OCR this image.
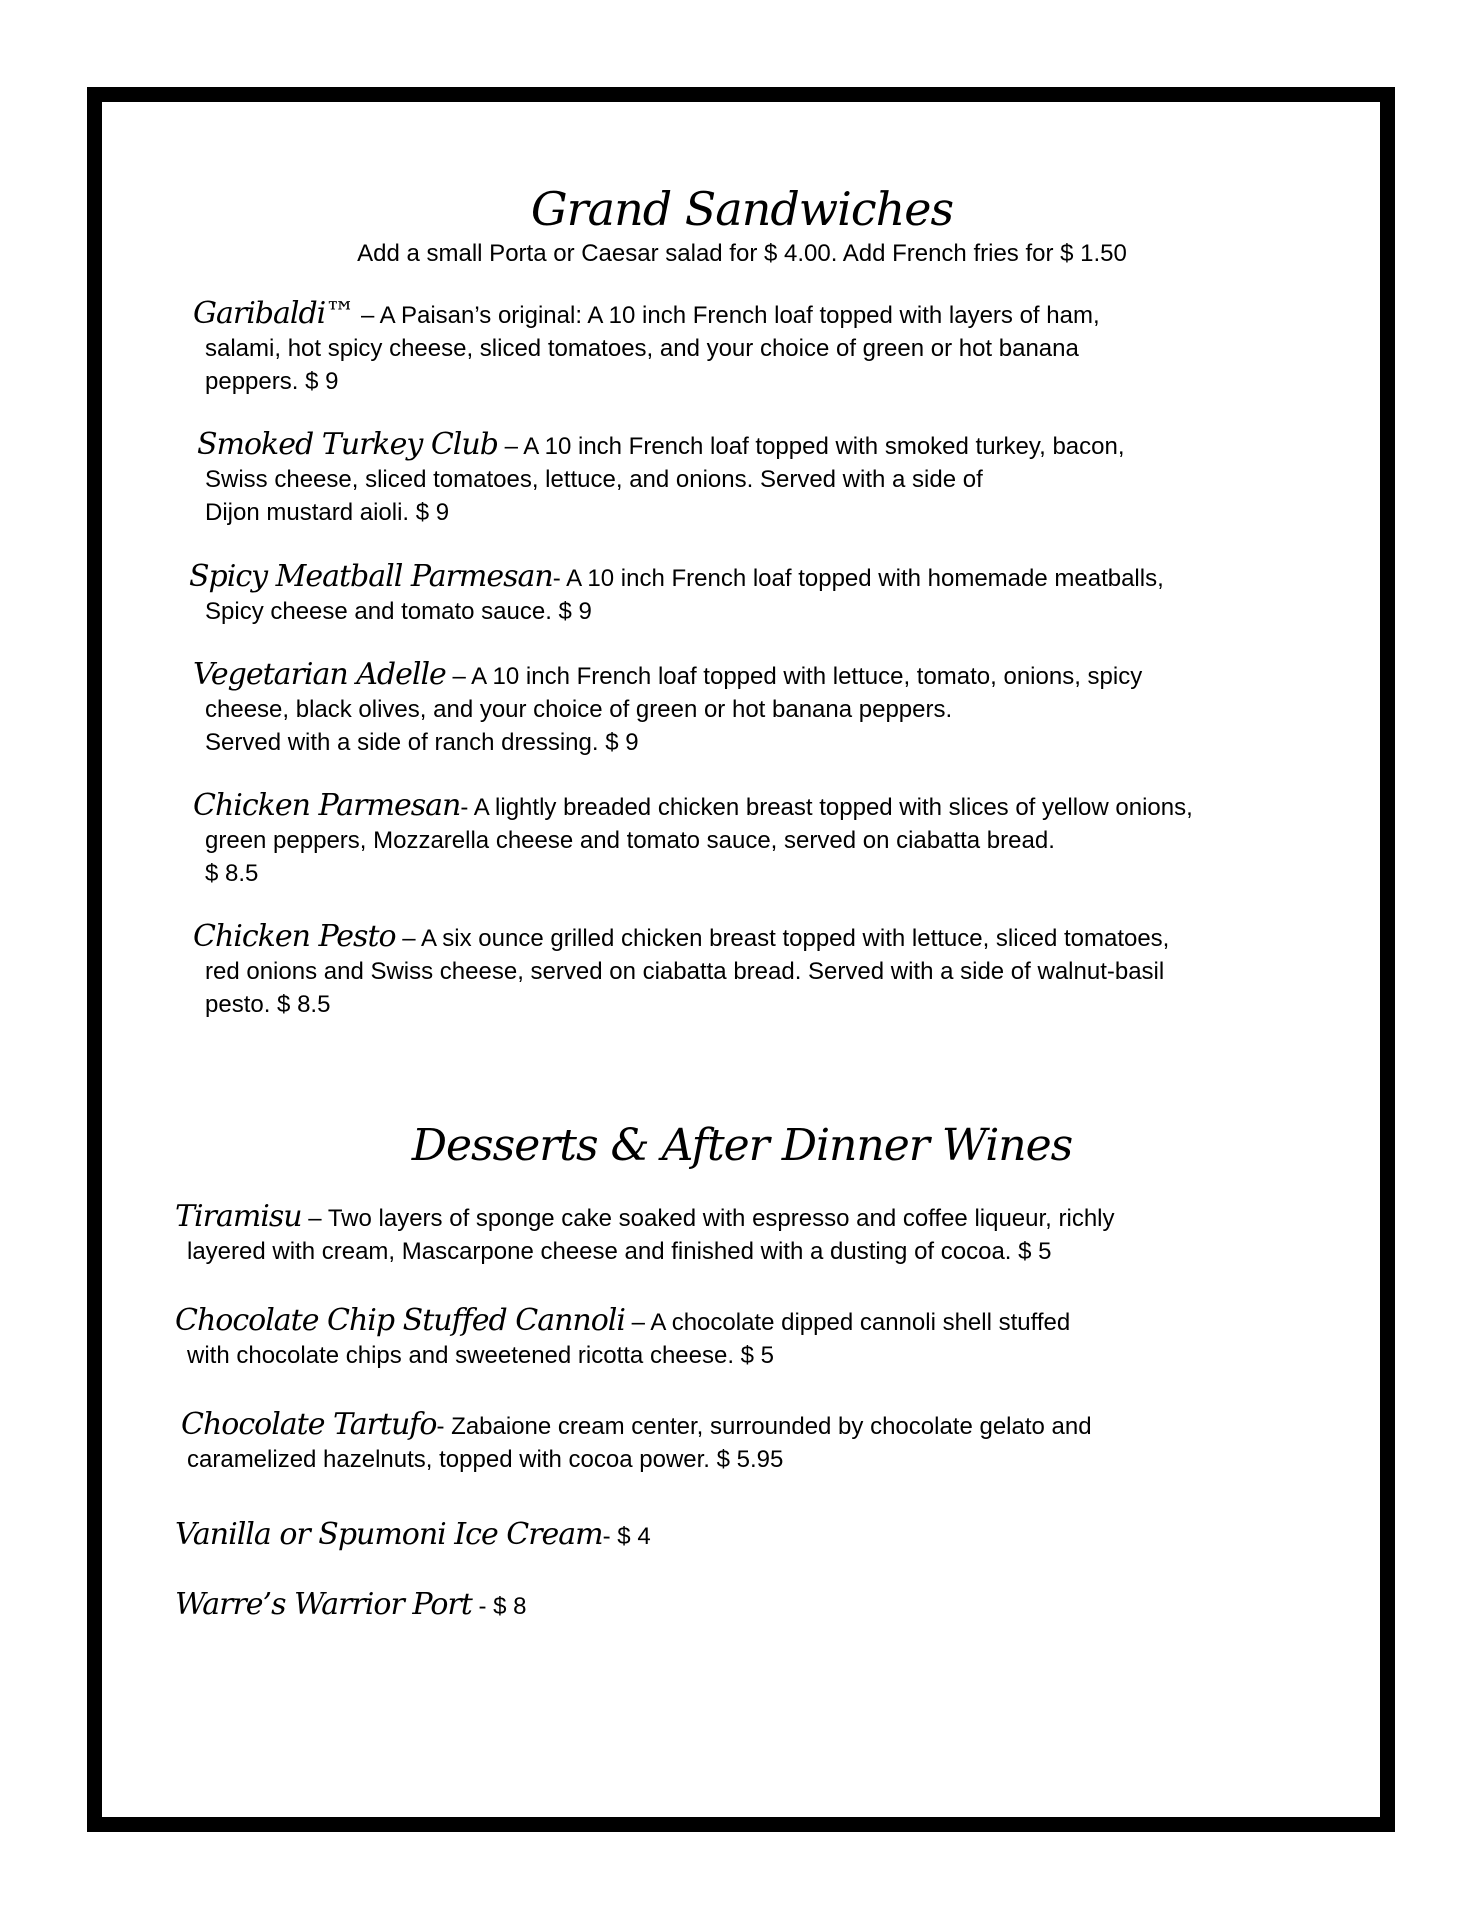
Grand Sandwiches
Add a small Porta or Caesar salad for $ 4.00. Add French fries for $ 1.50

Garibaldi™ – A Paisan’s original: A 10 inch French loaf topped with layers of ham,

salami, hot spicy cheese, sliced tomatoes, and your choice of green or hot banana

peppers. $ 9

Smoked Turkey Club – A 10 inch French loaf topped with smoked turkey, bacon,

Swiss cheese, sliced tomatoes, lettuce, and onions. Served with a side of

Dijon mustard aioli. $ 9

Spicy Meatball Parmesan- A 10 inch French loaf topped with homemade meatballs,

Spicy cheese and tomato sauce. $ 9

Vegetarian Adelle – A 10 inch French loaf topped with lettuce, tomato, onions, spicy

cheese, black olives, and your choice of green or hot banana peppers.

Served with a side of ranch dressing. $ 9

Chicken Parmesan- A lightly breaded chicken breast topped with slices of yellow onions,

green peppers, Mozzarella cheese and tomato sauce, served on ciabatta bread.

$ 8.5

Chicken Pesto – A six ounce grilled chicken breast topped with lettuce, sliced tomatoes,

red onions and Swiss cheese, served on ciabatta bread. Served with a side of walnut-basil

pesto. $ 8.5

Desserts & After Dinner Wines

Tiramisu – Two layers of sponge cake soaked with espresso and coffee liqueur, richly

layered with cream, Mascarpone cheese and finished with a dusting of cocoa. $ 5

Chocolate Chip Stuffed Cannoli – A chocolate dipped cannoli shell stuffed

with chocolate chips and sweetened ricotta cheese. $ 5

Chocolate Tartufo- Zabaione cream center, surrounded by chocolate gelato and

caramelized hazelnuts, topped with cocoa power. $ 5.95

Vanilla or Spumoni Ice Cream- $ 4

Warre’s Warrior Port - $ 8
